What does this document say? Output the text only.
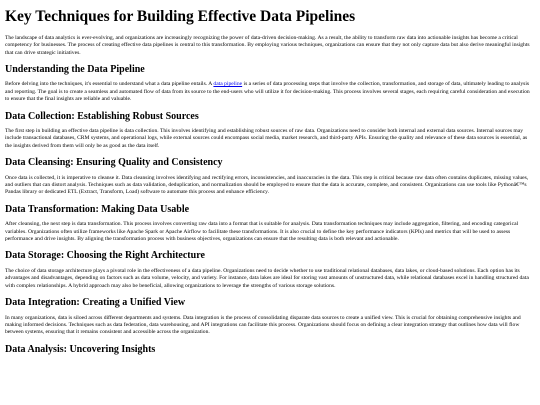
Key Techniques for Building Effective Data Pipelines

The landscape of data analytics is ever-evolving, and organizations are increasingly recognizing the power of data-driven decision-making. As a result, the ability to transform raw data into actionable insights has become a critical competency for businesses. The process of creating effective data pipelines is central to this transformation. By employing various techniques, organizations can ensure that they not only capture data but also derive meaningful insights that can drive strategic initiatives.

Understanding the Data Pipeline

Before delving into the techniques, it's essential to understand what a data pipeline entails. A data pipeline is a series of data processing steps that involve the collection, transformation, and storage of data, ultimately leading to analysis and reporting. The goal is to create a seamless and automated flow of data from its source to the end-users who will utilize it for decision-making. This process involves several stages, each requiring careful consideration and execution to ensure that the final insights are reliable and valuable.

Data Collection: Establishing Robust Sources

The first step in building an effective data pipeline is data collection. This involves identifying and establishing robust sources of raw data. Organizations need to consider both internal and external data sources. Internal sources may include transactional databases, CRM systems, and operational logs, while external sources could encompass social media, market research, and third-party APIs. Ensuring the quality and relevance of these data sources is essential, as the insights derived from them will only be as good as the data itself.

Data Cleansing: Ensuring Quality and Consistency

Once data is collected, it is imperative to cleanse it. Data cleansing involves identifying and rectifying errors, inconsistencies, and inaccuracies in the data. This step is critical because raw data often contains duplicates, missing values, and outliers that can distort analysis. Techniques such as data validation, deduplication, and normalization should be employed to ensure that the data is accurate, complete, and consistent. Organizations can use tools like Pythonâ€™s Pandas library or dedicated ETL (Extract, Transform, Load) software to automate this process and enhance efficiency.

Data Transformation: Making Data Usable

After cleansing, the next step is data transformation. This process involves converting raw data into a format that is suitable for analysis. Data transformation techniques may include aggregation, filtering, and encoding categorical variables. Organizations often utilize frameworks like Apache Spark or Apache Airflow to facilitate these transformations. It is also crucial to define the key performance indicators (KPIs) and metrics that will be used to assess performance and drive insights. By aligning the transformation process with business objectives, organizations can ensure that the resulting data is both relevant and actionable.

Data Storage: Choosing the Right Architecture

The choice of data storage architecture plays a pivotal role in the effectiveness of a data pipeline. Organizations need to decide whether to use traditional relational databases, data lakes, or cloud-based solutions. Each option has its advantages and disadvantages, depending on factors such as data volume, velocity, and variety. For instance, data lakes are ideal for storing vast amounts of unstructured data, while relational databases excel in handling structured data with complex relationships. A hybrid approach may also be beneficial, allowing organizations to leverage the strengths of various storage solutions.

Data Integration: Creating a Unified View

In many organizations, data is siloed across different departments and systems. Data integration is the process of consolidating disparate data sources to create a unified view. This is crucial for obtaining comprehensive insights and making informed decisions. Techniques such as data federation, data warehousing, and API integrations can facilitate this process. Organizations should focus on defining a clear integration strategy that outlines how data will flow between systems, ensuring that it remains consistent and accessible across the organization.

Data Analysis: Uncovering Insights
